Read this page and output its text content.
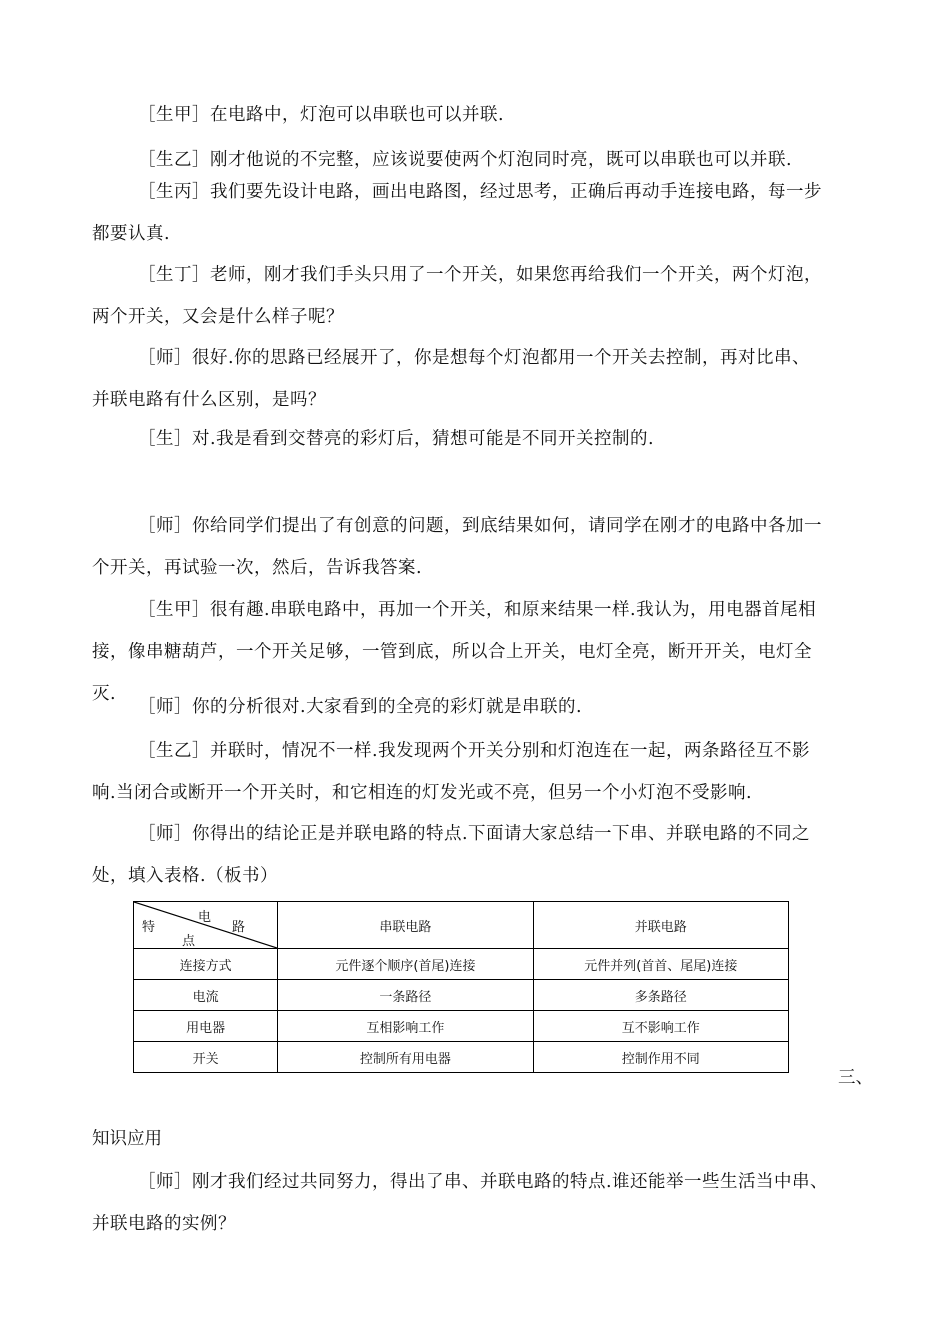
［生甲］在电路中，灯泡可以串联也可以并联.
［生乙］刚才他说的不完整，应该说要使两个灯泡同时亮，既可以串联也可以并联.
［生丙］我们要先设计电路，画出电路图，经过思考，正确后再动手连接电路，每一步
都要认真.
［生丁］老师，刚才我们手头只用了一个开关，如果您再给我们一个开关，两个灯泡，
两个开关，又会是什么样子呢？
［师］很好.你的思路已经展开了，你是想每个灯泡都用一个开关去控制，再对比串、
并联电路有什么区别，是吗？
［生］对.我是看到交替亮的彩灯后，猜想可能是不同开关控制的.
［师］你给同学们提出了有创意的问题，到底结果如何，请同学在刚才的电路中各加一
个开关，再试验一次，然后，告诉我答案.
［生甲］很有趣.串联电路中，再加一个开关，和原来结果一样.我认为，用电器首尾相
接，像串糖葫芦，一个开关足够，一管到底，所以合上开关，电灯全亮，断开开关，电灯全
灭.
［师］你的分析很对.大家看到的全亮的彩灯就是串联的.
［生乙］并联时，情况不一样.我发现两个开关分别和灯泡连在一起，两条路径互不影
响.当闭合或断开一个开关时，和它相连的灯发光或不亮，但另一个小灯泡不受影响.
［师］你得出的结论正是并联电路的特点.下面请大家总结一下串、并联电路的不同之
处，填入表格.（板书）
［师］刚才我们经过共同努力，得出了串、并联电路的特点.谁还能举一些生活当中串、
并联电路的实例？
电
路
特
点	串联电路	并联电路
连接方式	元件逐个顺序(首尾)连接	元件并列(首首、尾尾)连接
电流	一条路径	多条路径
用电器	互相影响工作	互不影响工作
开关	控制所有用电器	控制作用不同
三、
知识应用
